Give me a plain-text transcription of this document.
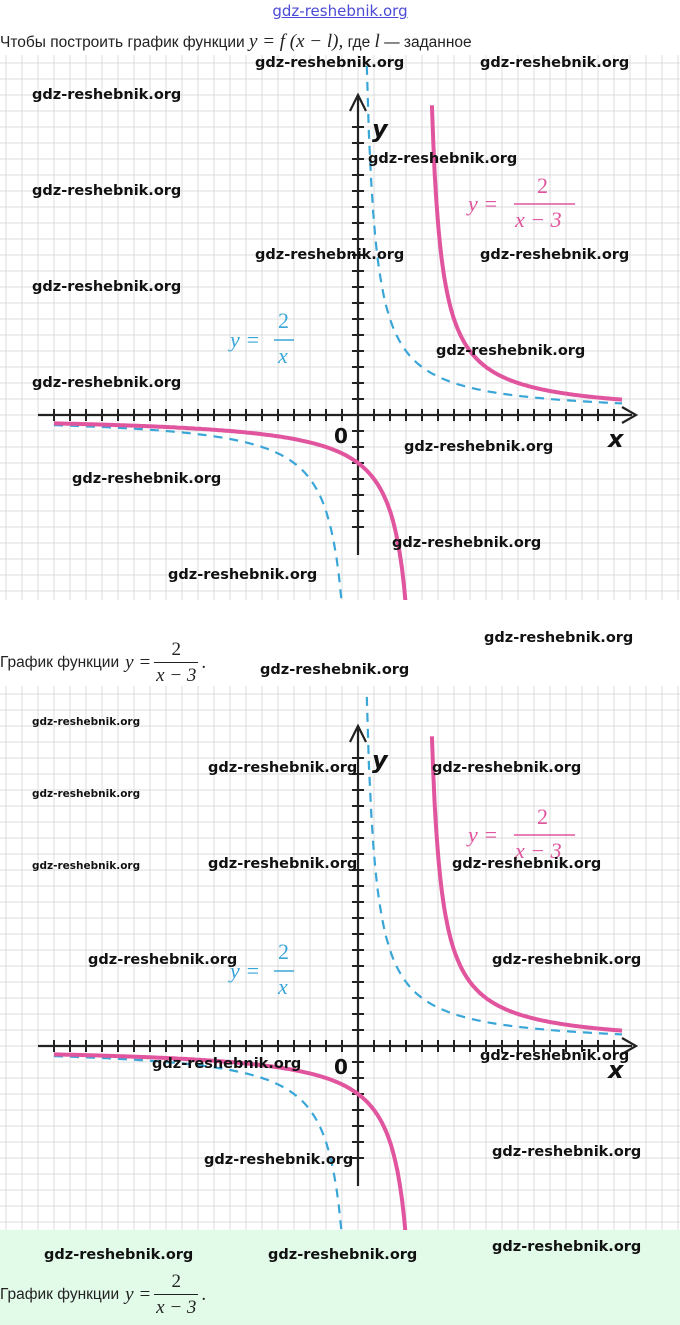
gdz-reshebnik.org
Чтобы построить график функции y = f (x − l), где l — заданное
y
x
0
y =
2
x − 3
y =
2
x
gdz-reshebnik.org	gdz-reshebnik.org
gdz-reshebnik.org
gdz-reshebnik.org
gdz-reshebnik.org
gdz-reshebnik.org	gdz-reshebnik.org
gdz-reshebnik.org
gdz-reshebnik.org
gdz-reshebnik.org
gdz-reshebnik.org
gdz-reshebnik.org
gdz-reshebnik.org
gdz-reshebnik.org
График функции $y = \frac{2}{x - 3}$ .
gdz-reshebnik.org
gdz-reshebnik.org
y
x
0
y =
2
x − 3
y =
2
x
gdz-reshebnik.org
gdz-reshebnik.org	gdz-reshebnik.org
gdz-reshebnik.org
gdz-reshebnik.org	gdz-reshebnik.org	gdz-reshebnik.org
gdz-reshebnik.org	gdz-reshebnik.org
gdz-reshebnik.org
gdz-reshebnik.org
gdz-reshebnik.org	gdz-reshebnik.org
gdz-reshebnik.org	gdz-reshebnik.org	gdz-reshebnik.org
График функции $y = \frac{2}{x - 3}$ .
